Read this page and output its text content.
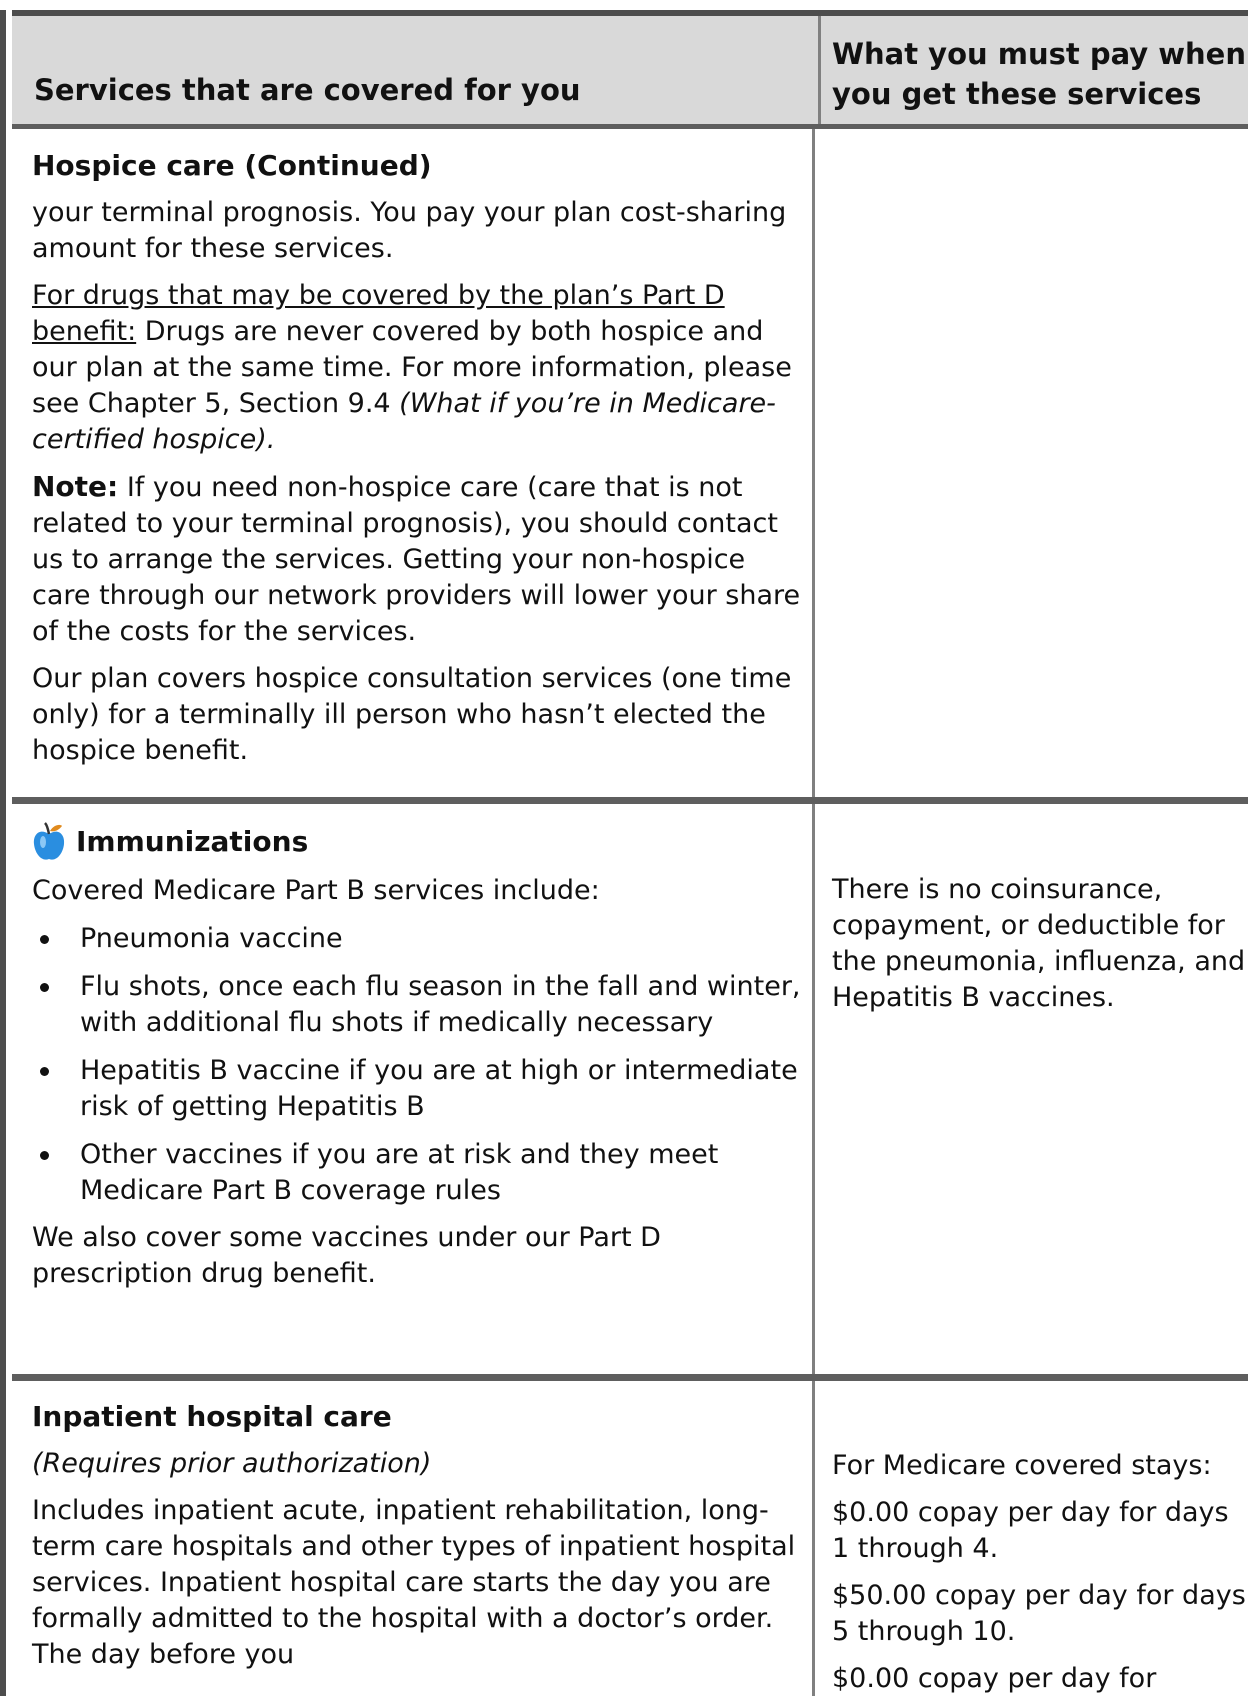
Services that are covered for you
What you must pay when
you get these services
Hospice care (Continued)

your terminal prognosis. You pay your plan cost-sharing amount for these services.

For drugs that may be covered by the plan’s Part D benefit: Drugs are never covered by both hospice and our plan at the same time. For more information, please see Chapter 5, Section 9.4 (What if you’re in Medicare-certified hospice).

Note: If you need non-hospice care (care that is not related to your terminal prognosis), you should contact us to arrange the services. Getting your non-hospice care through our network providers will lower your share of the costs for the services.

Our plan covers hospice consultation services (one time only) for a terminally ill person who hasn’t elected the hospice benefit.

Immunizations

Covered Medicare Part B services include:

Pneumonia vaccine
Flu shots, once each flu season in the fall and winter, with additional flu shots if medically necessary
Hepatitis B vaccine if you are at high or intermediate risk of getting Hepatitis B
Other vaccines if you are at risk and they meet Medicare Part B coverage rules

We also cover some vaccines under our Part D prescription drug benefit.

There is no coinsurance, copayment, or deductible for the pneumonia, influenza, and Hepatitis B vaccines.

Inpatient hospital care

(Requires prior authorization)

Includes inpatient acute, inpatient rehabilitation, long-term care hospitals and other types of inpatient hospital services. Inpatient hospital care starts the day you are formally admitted to the hospital with a doctor’s order. The day before you

For Medicare covered stays:

$0.00 copay per day for days 1 through 4.

$50.00 copay per day for days 5 through 10.

$0.00 copay per day for
